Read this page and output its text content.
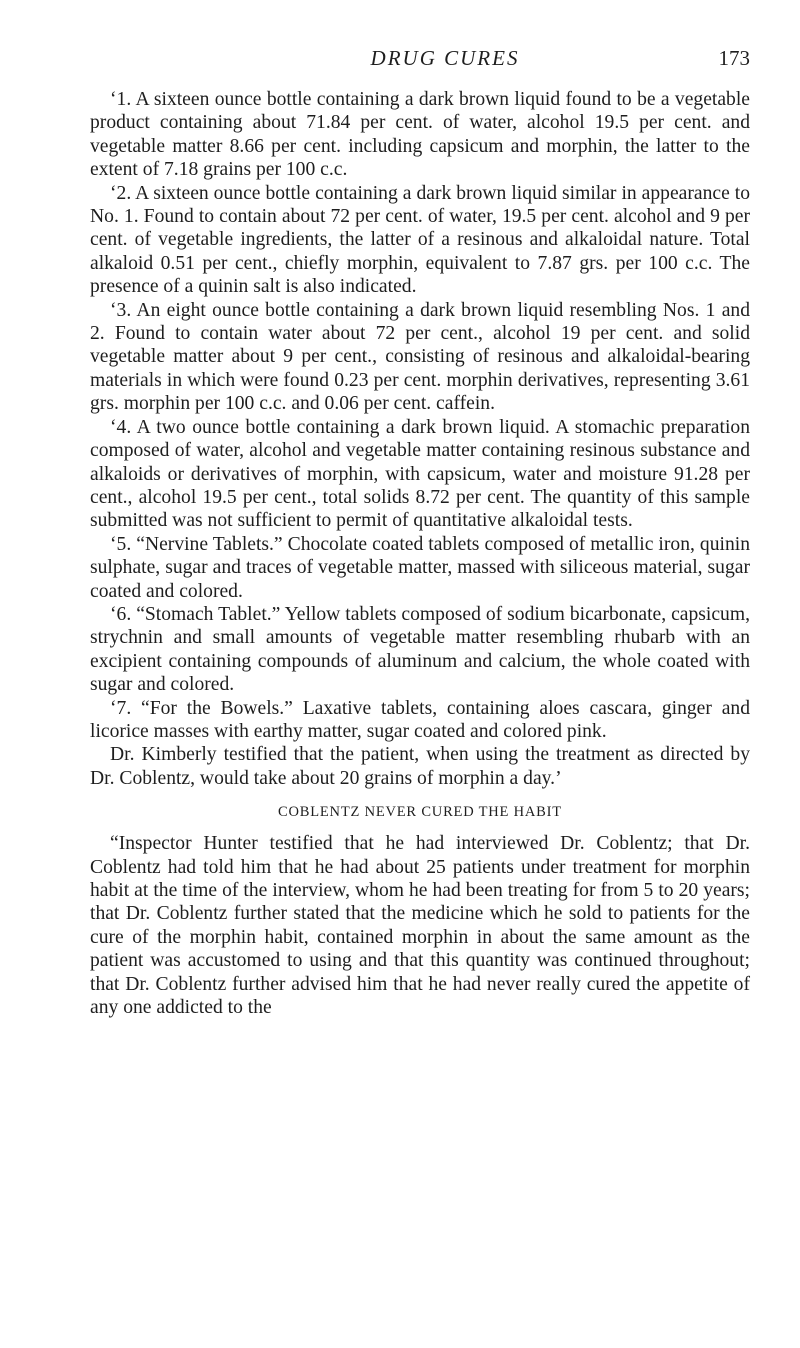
DRUG CURES	173

‘1. A sixteen ounce bottle containing a dark brown liquid found to be a vegetable product containing about 71.84 per cent. of water, alcohol 19.5 per cent. and vegetable matter 8.66 per cent. including capsicum and morphin, the latter to the extent of 7.18 grains per 100 c.c.

‘2. A sixteen ounce bottle containing a dark brown liquid similar in appearance to No. 1. Found to contain about 72 per cent. of water, 19.5 per cent. alcohol and 9 per cent. of vegetable ingredients, the latter of a resinous and alkaloidal nature. Total alkaloid 0.51 per cent., chiefly morphin, equivalent to 7.87 grs. per 100 c.c. The presence of a quinin salt is also indicated.

‘3. An eight ounce bottle containing a dark brown liquid resembling Nos. 1 and 2. Found to contain water about 72 per cent., alcohol 19 per cent. and solid vegetable matter about 9 per cent., consisting of resinous and alkaloidal-bearing materials in which were found 0.23 per cent. morphin derivatives, representing 3.61 grs. morphin per 100 c.c. and 0.06 per cent. caffein.

‘4. A two ounce bottle containing a dark brown liquid. A stomachic preparation composed of water, alcohol and vegetable matter containing resinous substance and alkaloids or derivatives of morphin, with capsicum, water and moisture 91.28 per cent., alcohol 19.5 per cent., total solids 8.72 per cent. The quantity of this sample submitted was not sufficient to permit of quantitative alkaloidal tests.

‘5. “Nervine Tablets.” Chocolate coated tablets composed of metallic iron, quinin sulphate, sugar and traces of vegetable matter, massed with siliceous material, sugar coated and colored.

‘6. “Stomach Tablet.” Yellow tablets composed of sodium bicarbonate, capsicum, strychnin and small amounts of vegetable matter resembling rhubarb with an excipient containing compounds of aluminum and calcium, the whole coated with sugar and colored.

‘7. “For the Bowels.” Laxative tablets, containing aloes cascara, ginger and licorice masses with earthy matter, sugar coated and colored pink.

Dr. Kimberly testified that the patient, when using the treatment as directed by Dr. Coblentz, would take about 20 grains of morphin a day.’

COBLENTZ NEVER CURED THE HABIT

“Inspector Hunter testified that he had interviewed Dr. Coblentz; that Dr. Coblentz had told him that he had about 25 patients under treatment for morphin habit at the time of the interview, whom he had been treating for from 5 to 20 years; that Dr. Coblentz further stated that the medicine which he sold to patients for the cure of the morphin habit, contained morphin in about the same amount as the patient was accustomed to using and that this quantity was continued throughout; that Dr. Coblentz further advised him that he had never really cured the appetite of any one addicted to the
